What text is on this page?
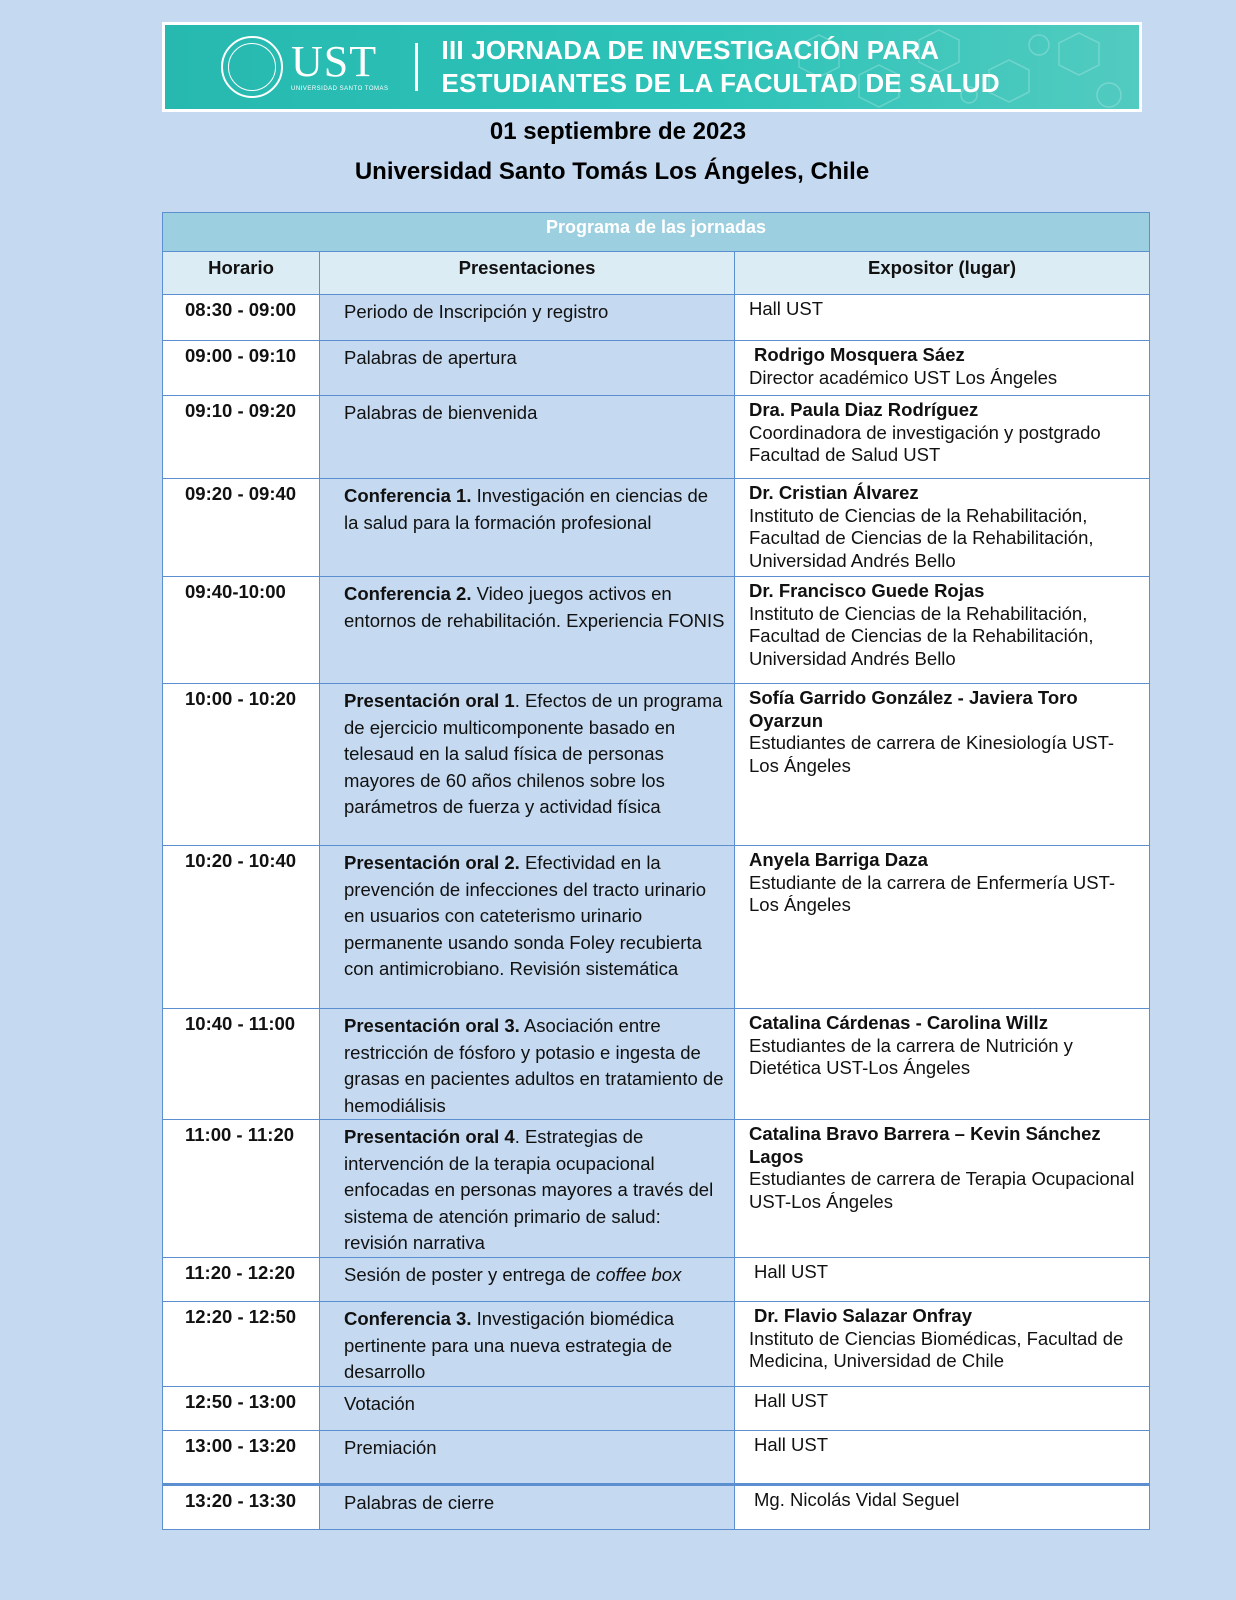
UST
UNIVERSIDAD SANTO TOMAS
III JORNADA DE INVESTIGACIÓN PARA
ESTUDIANTES DE LA FACULTAD DE SALUD
01 septiembre de 2023
Universidad Santo Tomás Los Ángeles, Chile
Programa de las jornadas		

Horario	Presentaciones	Expositor (lugar)

08:30 - 09:00	Periodo de Inscripción y registro	Hall UST
09:00 - 09:10	Palabras de apertura	Rodrigo Mosquera Sáez
Director académico UST Los Ángeles
09:10 - 09:20	Palabras de bienvenida	Dra. Paula Diaz Rodríguez
Coordinadora de investigación y postgrado Facultad de Salud UST
09:20 - 09:40	Conferencia 1. Investigación en ciencias de la salud para la formación profesional	Dr. Cristian Álvarez
Instituto de Ciencias de la Rehabilitación, Facultad de Ciencias de la Rehabilitación, Universidad Andrés Bello
09:40-10:00	Conferencia 2. Video juegos activos en entornos de rehabilitación. Experiencia FONIS	Dr. Francisco Guede Rojas
Instituto de Ciencias de la Rehabilitación, Facultad de Ciencias de la Rehabilitación, Universidad Andrés Bello
10:00 - 10:20	Presentación oral 1. Efectos de un programa de ejercicio multicomponente basado en telesaud en la salud física de personas mayores de 60 años chilenos sobre los parámetros de fuerza y actividad física	Sofía Garrido González - Javiera Toro Oyarzun
Estudiantes de carrera de Kinesiología UST-Los Ángeles
10:20 - 10:40	Presentación oral 2. Efectividad en la prevención de infecciones del tracto urinario en usuarios con cateterismo urinario permanente usando sonda Foley recubierta con antimicrobiano. Revisión sistemática	Anyela Barriga Daza
Estudiante de la carrera de Enfermería UST-Los Ángeles
10:40 - 11:00	Presentación oral 3. Asociación entre restricción de fósforo y potasio e ingesta de grasas en pacientes adultos en tratamiento de hemodiálisis	Catalina Cárdenas - Carolina Willz
Estudiantes de la carrera de Nutrición y Dietética UST-Los Ángeles
11:00 - 11:20	Presentación oral 4. Estrategias de intervención de la terapia ocupacional enfocadas en personas mayores a través del sistema de atención primario de salud: revisión narrativa	Catalina Bravo Barrera – Kevin Sánchez Lagos
Estudiantes de carrera de Terapia Ocupacional UST-Los Ángeles
11:20 - 12:20	Sesión de poster y entrega de coffee box	Hall UST
12:20 - 12:50	Conferencia 3. Investigación biomédica pertinente para una nueva estrategia de desarrollo	Dr. Flavio Salazar Onfray
Instituto de Ciencias Biomédicas, Facultad de Medicina, Universidad de Chile
12:50 - 13:00	Votación	Hall UST
13:00 - 13:20	Premiación	Hall UST
13:20 - 13:30	Palabras de cierre	Mg. Nicolás Vidal Seguel
